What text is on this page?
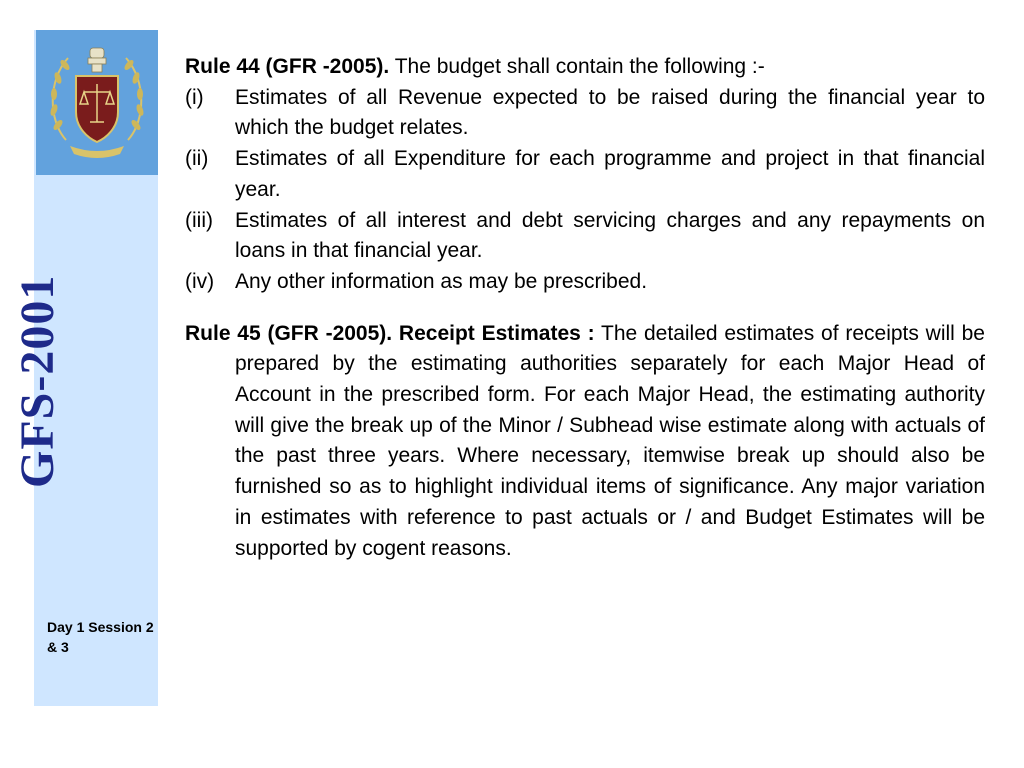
GFS-2001
Day 1 Session 2 & 3

Rule 44 (GFR -2005). The budget shall contain the following :-

(i)	Estimates of all Revenue expected to be raised during the financial year to which the budget relates.
(ii)	Estimates of all Expenditure for each programme and project in that financial year.
(iii)	Estimates of all interest and debt servicing charges and any repayments on loans in that financial year.
(iv) Any other information as may be prescribed.

Rule 45 (GFR -2005). Receipt Estimates : The detailed estimates of receipts will be prepared by the estimating authorities separately for each Major Head of Account in the prescribed form. For each Major Head, the estimating authority will give the break up of the Minor / Subhead wise estimate along with actuals of the past three years. Where necessary, itemwise break up should also be furnished so as to highlight individual items of significance. Any major variation in estimates with reference to past actuals or / and Budget Estimates will be supported by cogent reasons.
